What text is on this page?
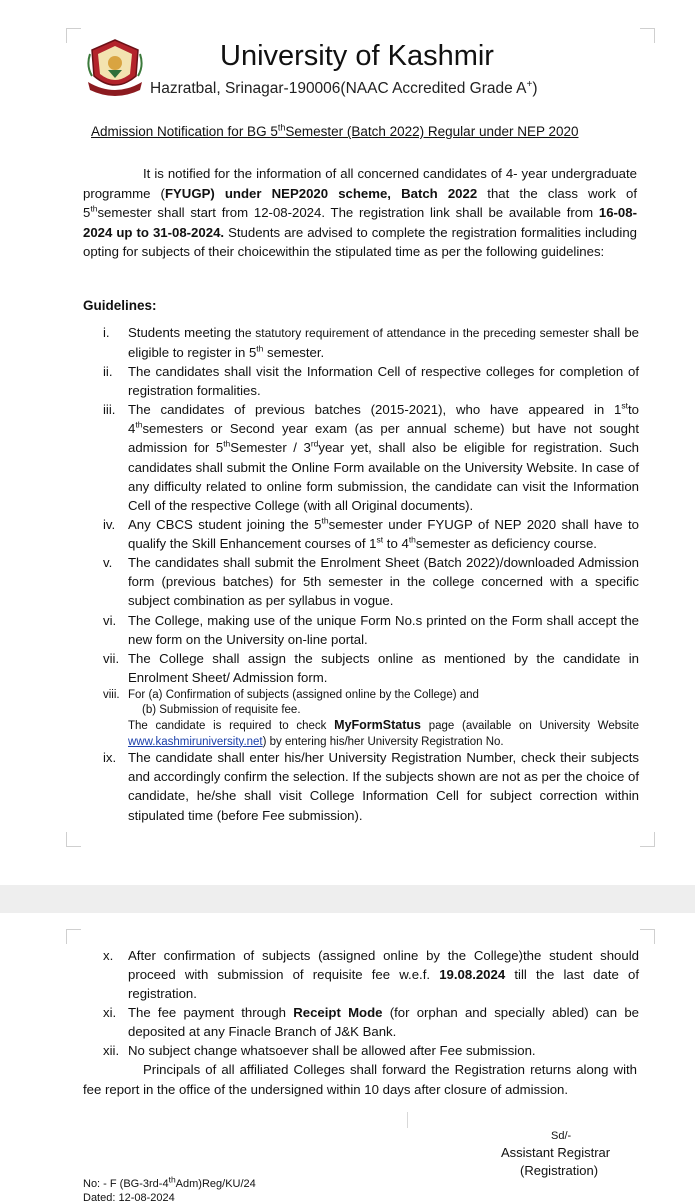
University of Kashmir
Hazratbal, Srinagar-190006(NAAC Accredited Grade A+)
Admission Notification for BG 5thSemester (Batch 2022) Regular under NEP 2020
It is notified for the information of all concerned candidates of 4- year undergraduate programme (FYUGP) under NEP2020 scheme, Batch 2022 that the class work of 5thsemester shall start from 12-08-2024. The registration link shall be available from 16-08-2024 up to 31-08-2024. Students are advised to complete the registration formalities including opting for subjects of their choicewithin the stipulated time as per the following guidelines:
Guidelines:
i.	Students meeting the statutory requirement of attendance in the preceding semester shall be eligible to register in 5th semester.
ii.	The candidates shall visit the Information Cell of respective colleges for completion of registration formalities.
iii. The candidates of previous batches (2015-2021), who have appeared in 1stto 4thsemesters or Second year exam (as per annual scheme) but have not sought admission for 5thSemester / 3rdyear yet, shall also be eligible for registration. Such candidates shall submit the Online Form available on the University Website. In case of any difficulty related to online form submission, the candidate can visit the Information Cell of the respective College (with all Original documents).
iv. Any CBCS student joining the 5thsemester under FYUGP of NEP 2020 shall have to qualify the Skill Enhancement courses of 1st to 4thsemester as deficiency course.
v.	The candidates shall submit the Enrolment Sheet (Batch 2022)/downloaded Admission form (previous batches) for 5th semester in the college concerned with a specific subject combination as per syllabus in vogue.
vi. The College, making use of the unique Form No.s printed on the Form shall accept the new form on the University on-line portal.
vii. The College shall assign the subjects online as mentioned by the candidate in Enrolment Sheet/ Admission form.
viii. For (a) Confirmation of subjects (assigned online by the College) and
(b) Submission of requisite fee.
The candidate is required to check MyFormStatus page (available on University Website www.kashmiruniversity.net) by entering his/her University Registration No.
ix. The candidate shall enter his/her University Registration Number, check their subjects and accordingly confirm the selection. If the subjects shown are not as per the choice of candidate, he/she shall visit College Information Cell for subject correction within stipulated time (before Fee submission).
x.	After confirmation of subjects (assigned online by the College)the student should proceed with submission of requisite fee w.e.f. 19.08.2024 till the last date of registration.
xi. The fee payment through Receipt Mode (for orphan and specially abled) can be deposited at any Finacle Branch of J&K Bank.
xii. No subject change whatsoever shall be allowed after Fee submission.
Principals of all affiliated Colleges shall forward the Registration returns along with fee report in the office of the undersigned within 10 days after closure of admission.
Sd/-
Assistant Registrar
(Registration)
No: - F (BG-3rd-4thAdm)Reg/KU/24
Dated: 12-08-2024
